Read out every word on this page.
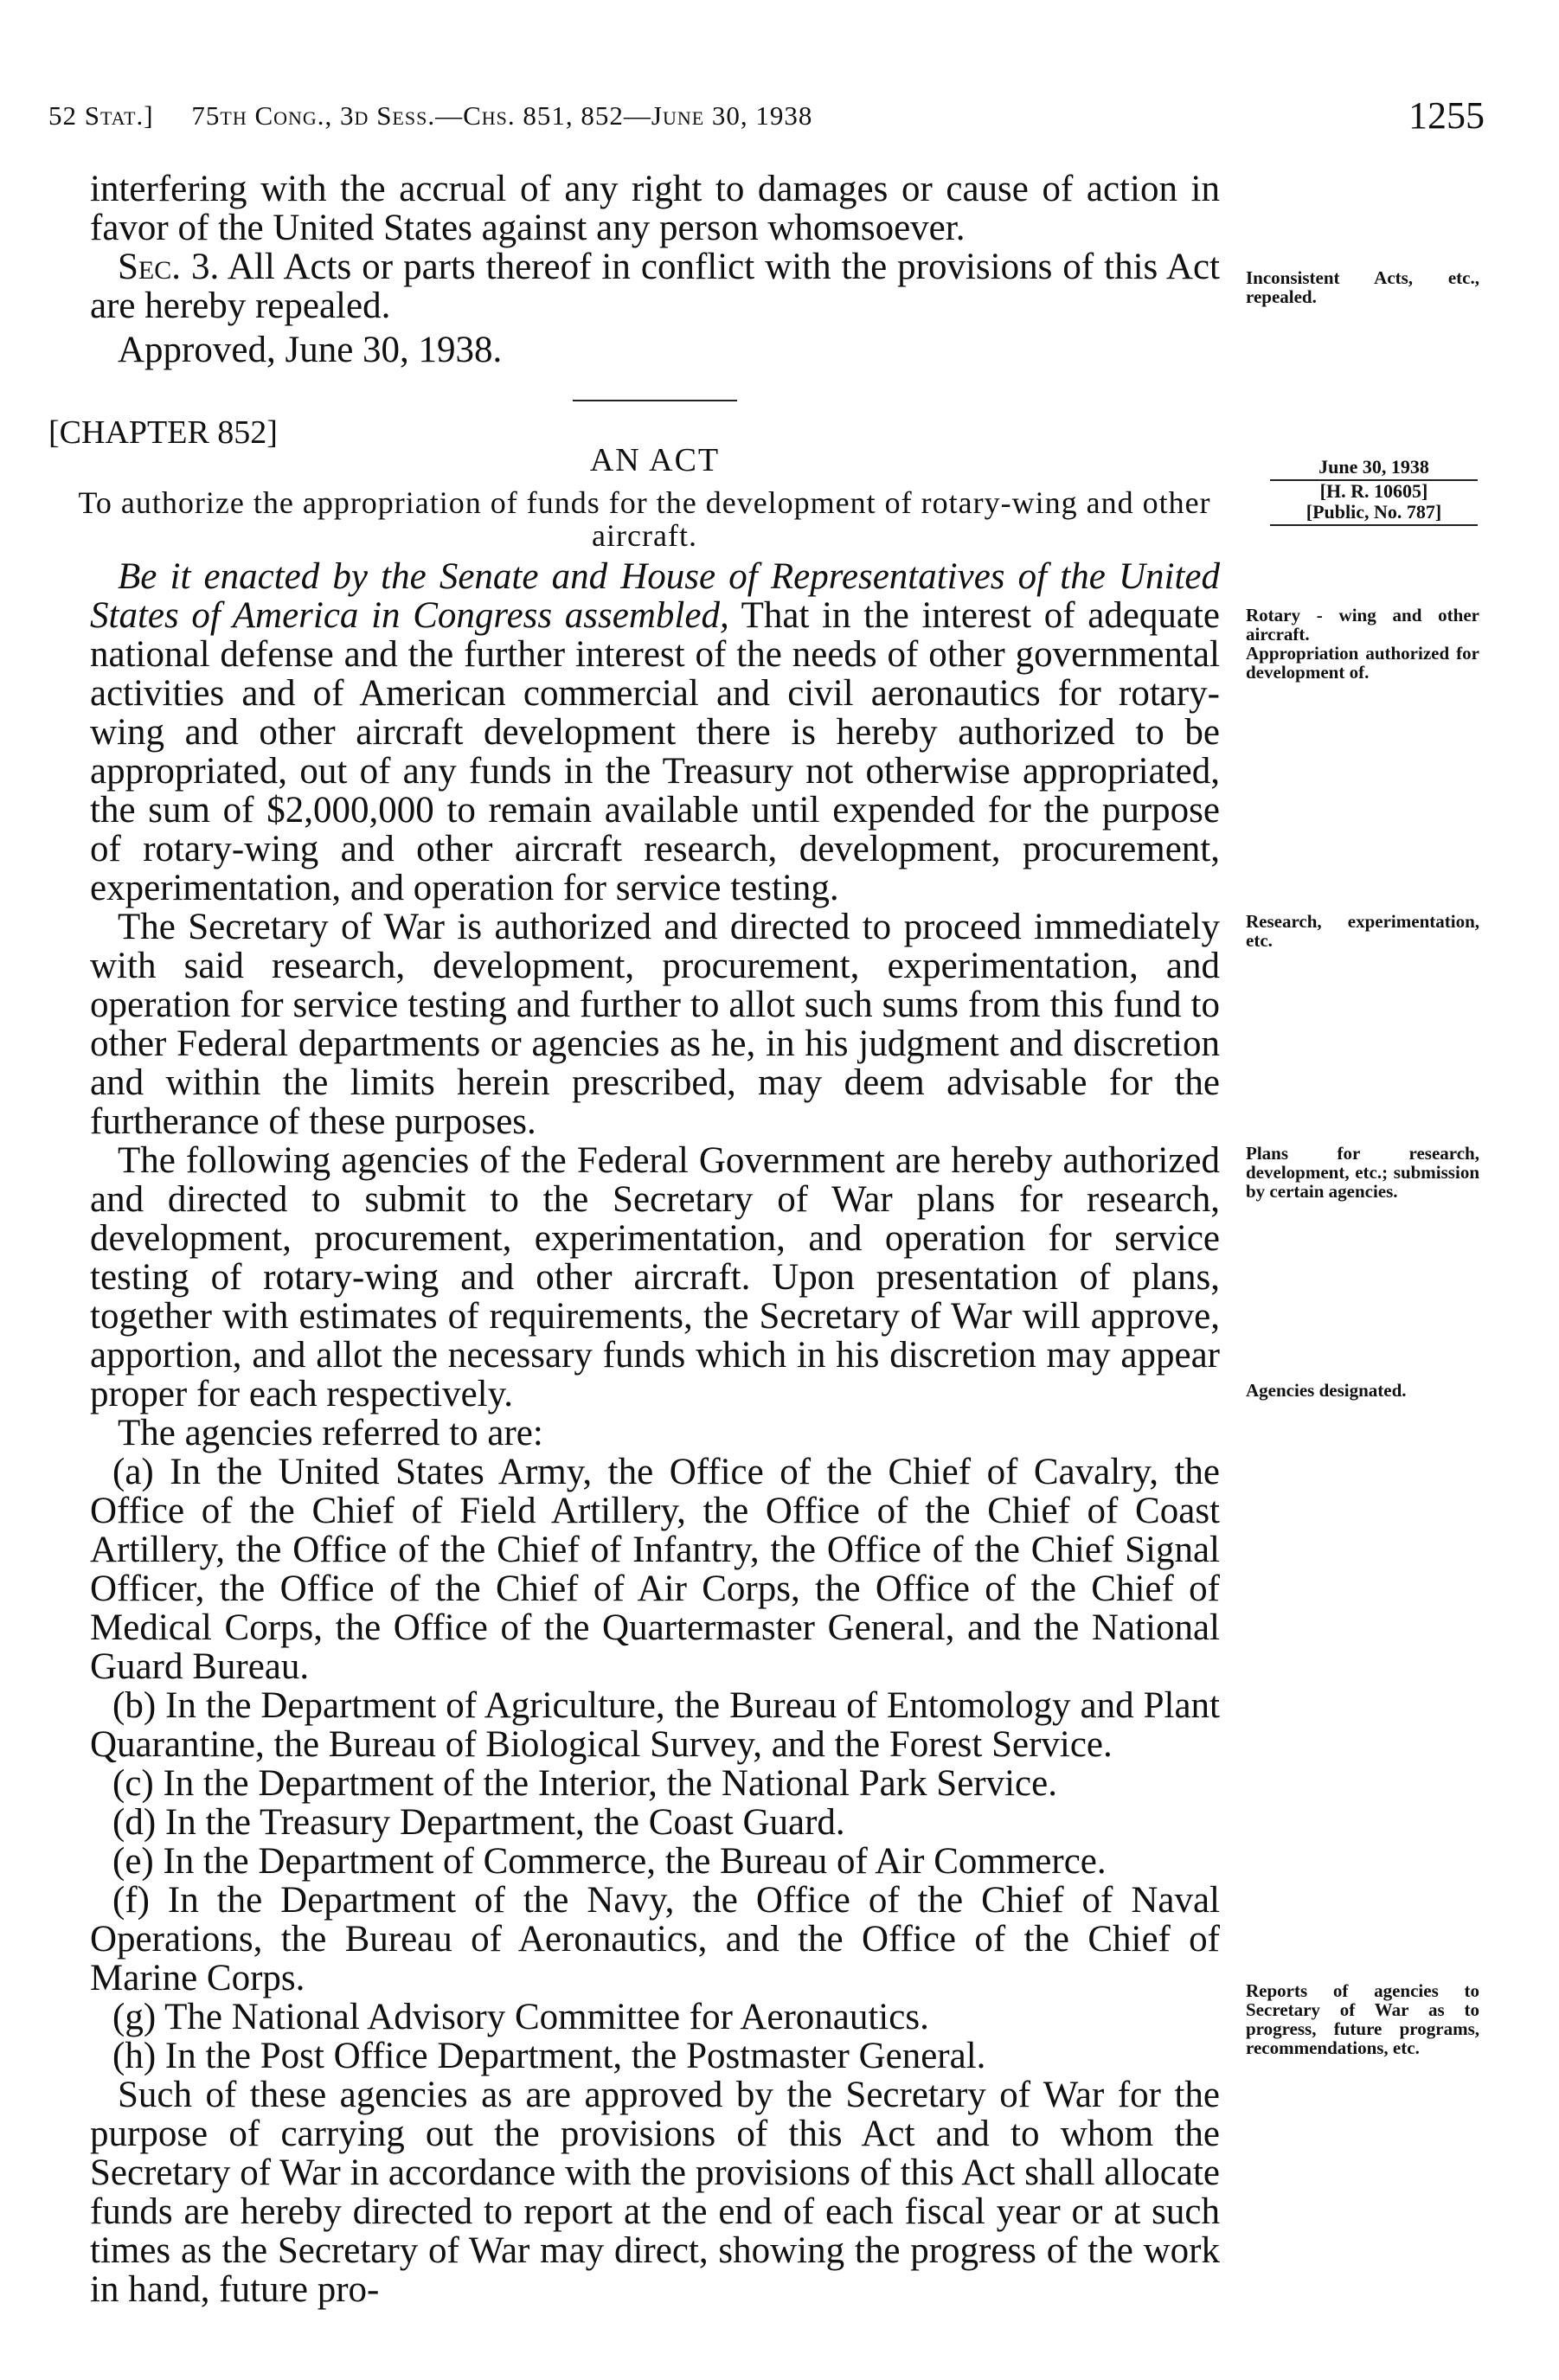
52 Stat.] 75th Cong., 3d Sess.—Chs. 851, 852—June 30, 1938	1255

interfering with the accrual of any right to damages or cause of action in favor of the United States against any person whomsoever.

Sec. 3. All Acts or parts thereof in conflict with the provisions of this Act are hereby repealed.

Approved, June 30, 1938.

Inconsistent Acts, etc., repealed.
[CHAPTER 852]
AN ACT
To authorize the appropriation of funds for the development of rotary-wing and other aircraft.
June 30, 1938
[H. R. 10605]
[Public, No. 787]

Be it enacted by the Senate and House of Representatives of the United States of America in Congress assembled, That in the interest of adequate national defense and the further interest of the needs of other governmental activities and of American commercial and civil aeronautics for rotary-wing and other aircraft development there is hereby authorized to be appropriated, out of any funds in the Treasury not otherwise appropriated, the sum of $2,000,000 to remain available until expended for the purpose of rotary-wing and other aircraft research, development, procurement, experimentation, and operation for service testing.

The Secretary of War is authorized and directed to proceed immediately with said research, development, procurement, experimentation, and operation for service testing and further to allot such sums from this fund to other Federal departments or agencies as he, in his judgment and discretion and within the limits herein prescribed, may deem advisable for the furtherance of these purposes.

The following agencies of the Federal Government are hereby authorized and directed to submit to the Secretary of War plans for research, development, procurement, experimentation, and operation for service testing of rotary-wing and other aircraft. Upon presentation of plans, together with estimates of requirements, the Secretary of War will approve, apportion, and allot the necessary funds which in his discretion may appear proper for each respectively.

The agencies referred to are:

(a) In the United States Army, the Office of the Chief of Cavalry, the Office of the Chief of Field Artillery, the Office of the Chief of Coast Artillery, the Office of the Chief of Infantry, the Office of the Chief Signal Officer, the Office of the Chief of Air Corps, the Office of the Chief of Medical Corps, the Office of the Quartermaster General, and the National Guard Bureau.

(b) In the Department of Agriculture, the Bureau of Entomology and Plant Quarantine, the Bureau of Biological Survey, and the Forest Service.

(c) In the Department of the Interior, the National Park Service.

(d) In the Treasury Department, the Coast Guard.

(e) In the Department of Commerce, the Bureau of Air Commerce.

(f) In the Department of the Navy, the Office of the Chief of Naval Operations, the Bureau of Aeronautics, and the Office of the Chief of Marine Corps.

(g) The National Advisory Committee for Aeronautics.

(h) In the Post Office Department, the Postmaster General.

Such of these agencies as are approved by the Secretary of War for the purpose of carrying out the provisions of this Act and to whom the Secretary of War in accordance with the provisions of this Act shall allocate funds are hereby directed to report at the end of each fiscal year or at such times as the Secretary of War may direct, showing the progress of the work in hand, future pro-

Rotary - wing and other aircraft.
Appropriation authorized for development of.
Research, experimentation, etc.
Plans for research, development, etc.; submission by certain agencies.
Agencies designated.
Reports of agencies to Secretary of War as to progress, future programs, recommendations, etc.
